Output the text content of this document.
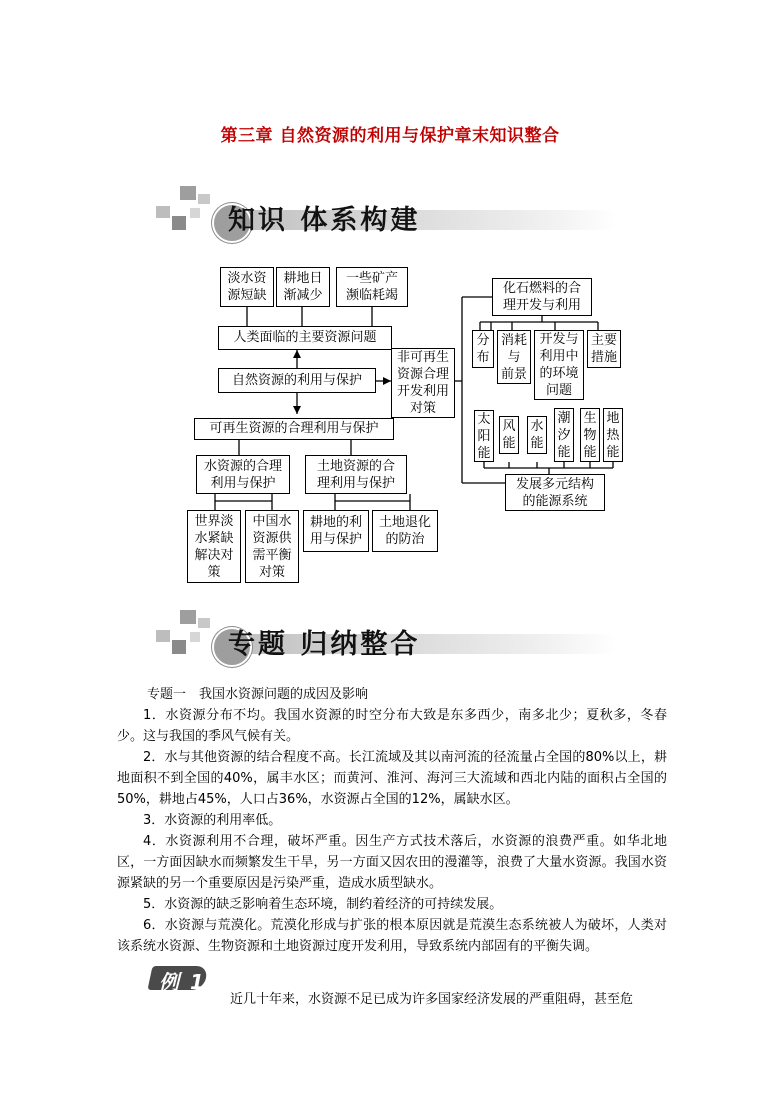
第三章 自然资源的利用与保护章末知识整合
知识 体系构建
淡水资
源短缺
耕地日
渐减少
一些矿产
濒临耗竭
人类面临的主要资源问题
自然资源的利用与保护
非可再生
资源合理
开发利用
对策
可再生资源的合理利用与保护
水资源的合理
利用与保护
土地资源的合
理利用与保护
世界淡
水紧缺
解决对
策
中国水
资源供
需平衡
对策
耕地的利
用与保护
土地退化
的防治
化石燃料的合
理开发与利用
分
布
消耗
与
前景
开发与
利用中
的环境
问题
主要
措施
太
阳
能
风
能
水
能
潮
汐
能
生
物
能
地
热
能
发展多元结构
的能源系统
专题 归纳整合

专题一　我国水资源问题的成因及影响

1．水资源分布不均。我国水资源的时空分布大致是东多西少，南多北少；夏秋多，冬春少。这与我国的季风气候有关。

2．水与其他资源的结合程度不高。长江流域及其以南河流的径流量占全国的80%以上，耕地面积不到全国的40%，属丰水区；而黄河、淮河、海河三大流域和西北内陆的面积占全国的50%，耕地占45%，人口占36%，水资源占全国的12%，属缺水区。

3．水资源的利用率低。

4．水资源利用不合理，破坏严重。因生产方式技术落后，水资源的浪费严重。如华北地区，一方面因缺水而频繁发生干旱，另一方面又因农田的漫灌等，浪费了大量水资源。我国水资源紧缺的另一个重要原因是污染严重，造成水质型缺水。

5．水资源的缺乏影响着生态环境，制约着经济的可持续发展。

6．水资源与荒漠化。荒漠化形成与扩张的根本原因就是荒漠生态系统被人为破坏，人类对该系统水资源、生物资源和土地资源过度开发利用，导致系统内部固有的平衡失调。

例 1
近几十年来，水资源不足已成为许多国家经济发展的严重阻碍，甚至危
